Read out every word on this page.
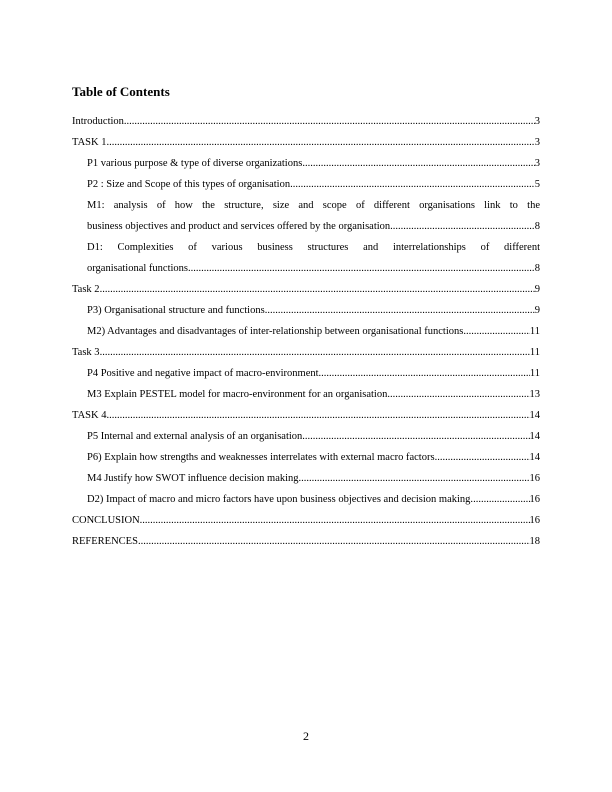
Table of Contents
Introduction .....	3
TASK 1 .....	3
P1 various purpose & type of diverse organizations .....	3
P2 : Size and Scope of this types of organisation .....	5
M1: analysis of how the structure, size and scope of different organisations link to the
business objectives and product and services offered by the organisation .....	8
D1: Complexities of various business structures and interrelationships of different
organisational functions .....	8
Task 2 .....	9
P3) Organisational structure and functions .....	9
M2) Advantages and disadvantages of inter-relationship between organisational functions .....	11
Task 3 .....	11
P4 Positive and negative impact of macro-environment .....	11
M3 Explain PESTEL model for macro-environment for an organisation .....	13
TASK 4 .....	14
P5 Internal and external analysis of an organisation .....	14
P6) Explain how strengths and weaknesses interrelates with external macro factors .....	14
M4 Justify how SWOT influence decision making. .....	16
D2) Impact of macro and micro factors have upon business objectives and decision making. .....	16
CONCLUSION .....	16
REFERENCES .....	18
2
